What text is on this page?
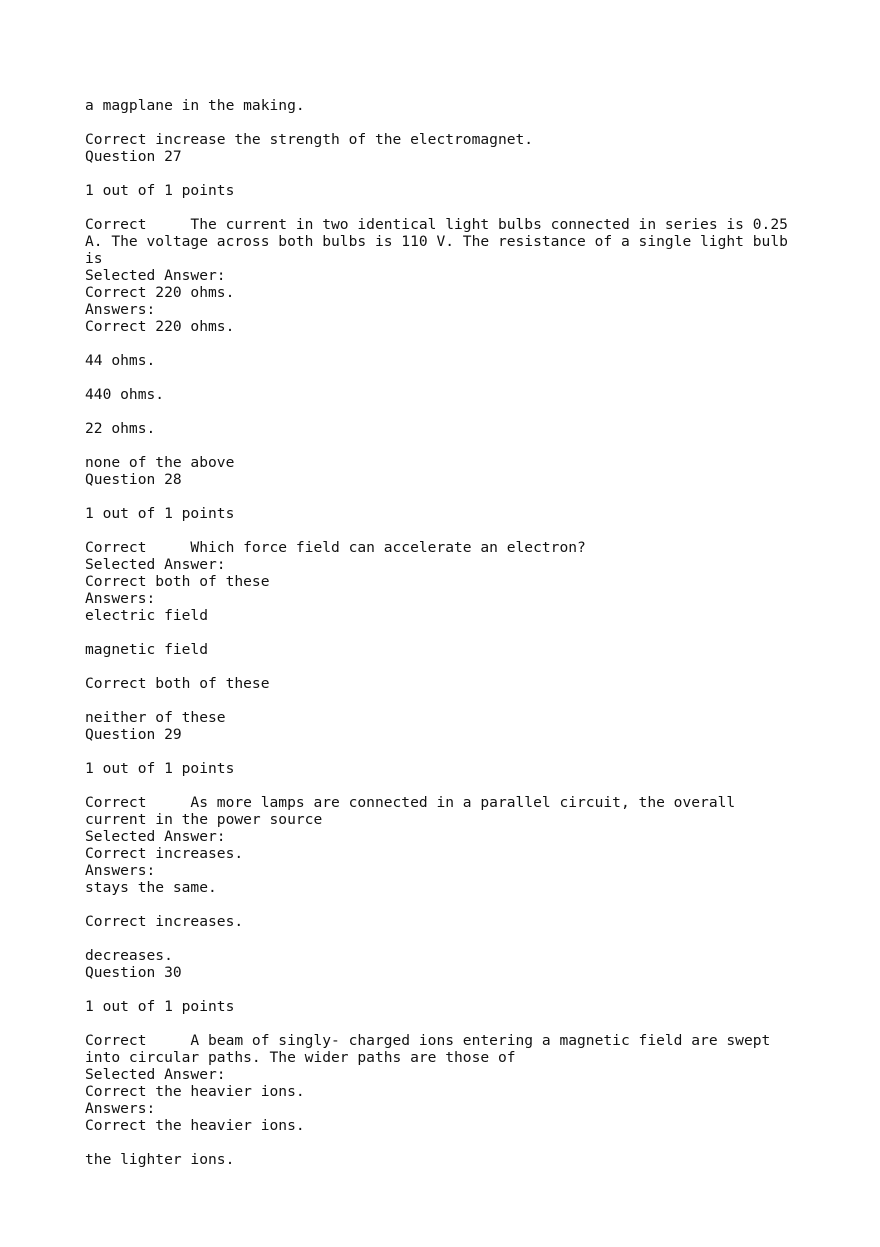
a magplane in the making.
Correct increase the strength of the electromagnet.
Question 27
1 out of 1 points
Correct     The current in two identical light bulbs connected in series is 0.25
A. The voltage across both bulbs is 110 V. The resistance of a single light bulb
is
Selected Answer:
Correct 220 ohms.
Answers:
Correct 220 ohms.
44 ohms.
440 ohms.
22 ohms.
none of the above
Question 28
1 out of 1 points
Correct     Which force field can accelerate an electron?
Selected Answer:
Correct both of these
Answers:
electric field
magnetic field
Correct both of these
neither of these
Question 29
1 out of 1 points
Correct     As more lamps are connected in a parallel circuit, the overall
current in the power source
Selected Answer:
Correct increases.
Answers:
stays the same.
Correct increases.
decreases.
Question 30
1 out of 1 points
Correct     A beam of singly- charged ions entering a magnetic field are swept
into circular paths. The wider paths are those of
Selected Answer:
Correct the heavier ions.
Answers:
Correct the heavier ions.
the lighter ions.
